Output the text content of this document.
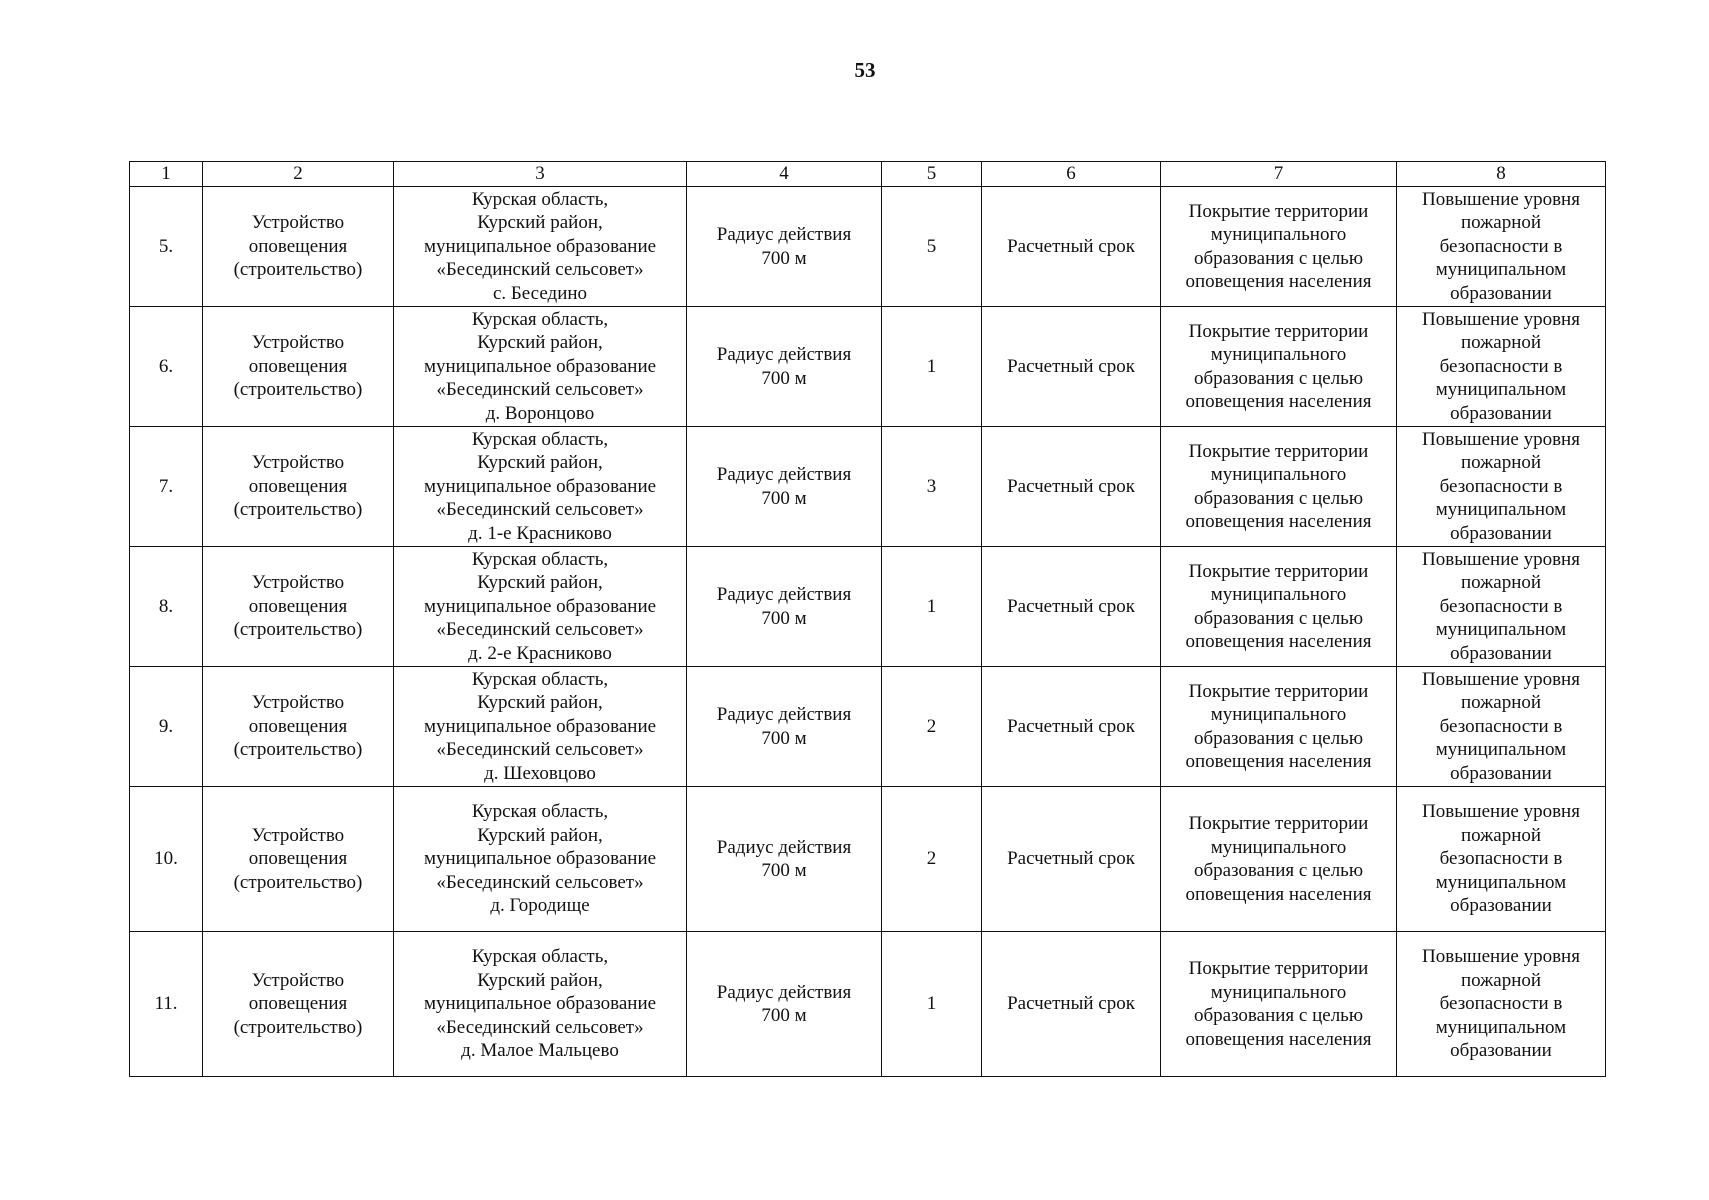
53
1	2	3	4	5	6	7	8
5.	Устройство
оповещения
(строительство)	Курская область,
Курский район,
муниципальное образование
«Бесединский сельсовет»
с. Беседино	Радиус действия
700 м	5	Расчетный срок	Покрытие территории
муниципального
образования с целью
оповещения населения	Повышение уровня
пожарной
безопасности в
муниципальном
образовании
6.	Устройство
оповещения
(строительство)	Курская область,
Курский район,
муниципальное образование
«Бесединский сельсовет»
д. Воронцово	Радиус действия
700 м	1	Расчетный срок	Покрытие территории
муниципального
образования с целью
оповещения населения	Повышение уровня
пожарной
безопасности в
муниципальном
образовании
7.	Устройство
оповещения
(строительство)	Курская область,
Курский район,
муниципальное образование
«Бесединский сельсовет»
д. 1-е Красниково	Радиус действия
700 м	3	Расчетный срок	Покрытие территории
муниципального
образования с целью
оповещения населения	Повышение уровня
пожарной
безопасности в
муниципальном
образовании
8.	Устройство
оповещения
(строительство)	Курская область,
Курский район,
муниципальное образование
«Бесединский сельсовет»
д. 2-е Красниково	Радиус действия
700 м	1	Расчетный срок	Покрытие территории
муниципального
образования с целью
оповещения населения	Повышение уровня
пожарной
безопасности в
муниципальном
образовании
9.	Устройство
оповещения
(строительство)	Курская область,
Курский район,
муниципальное образование
«Бесединский сельсовет»
д. Шеховцово	Радиус действия
700 м	2	Расчетный срок	Покрытие территории
муниципального
образования с целью
оповещения населения	Повышение уровня
пожарной
безопасности в
муниципальном
образовании
10.	Устройство
оповещения
(строительство)	Курская область,
Курский район,
муниципальное образование
«Бесединский сельсовет»
д. Городище	Радиус действия
700 м	2	Расчетный срок	Покрытие территории
муниципального
образования с целью
оповещения населения	Повышение уровня
пожарной
безопасности в
муниципальном
образовании
11.	Устройство
оповещения
(строительство)	Курская область,
Курский район,
муниципальное образование
«Бесединский сельсовет»
д. Малое Мальцево	Радиус действия
700 м	1	Расчетный срок	Покрытие территории
муниципального
образования с целью
оповещения населения	Повышение уровня
пожарной
безопасности в
муниципальном
образовании
